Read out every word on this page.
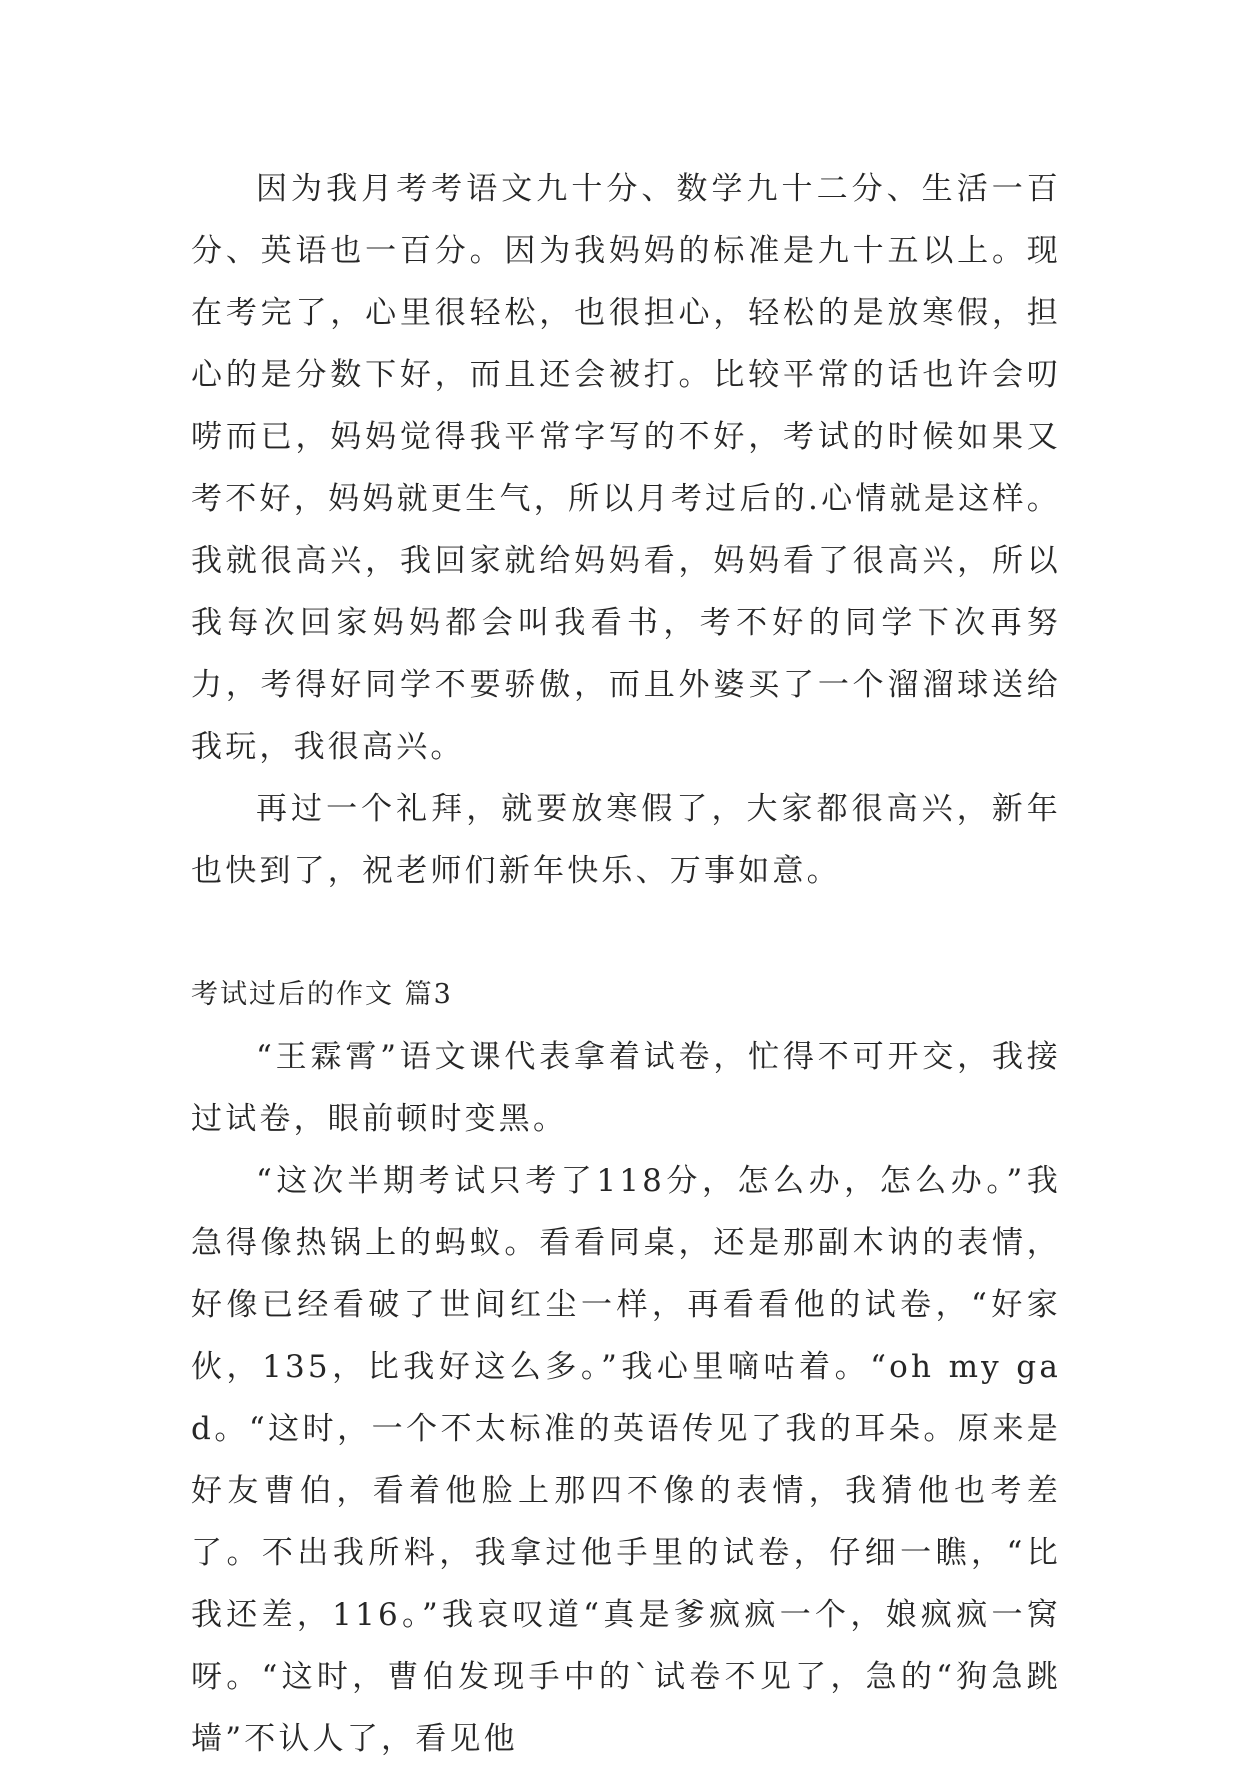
因为我月考考语文九十分、数学九十二分、生活一百分、英语也一百分。因为我妈妈的标准是九十五以上。现在考完了，心里很轻松，也很担心，轻松的是放寒假，担心的是分数下好，而且还会被打。比较平常的话也许会叨唠而已，妈妈觉得我平常字写的不好，考试的时候如果又考不好，妈妈就更生气，所以月考过后的.心情就是这样。我就很高兴，我回家就给妈妈看，妈妈看了很高兴，所以我每次回家妈妈都会叫我看书，考不好的同学下次再努力，考得好同学不要骄傲，而且外婆买了一个溜溜球送给我玩，我很高兴。

再过一个礼拜，就要放寒假了，大家都很高兴，新年也快到了，祝老师们新年快乐、万事如意。

考试过后的作文 篇3

“王霖霄”语文课代表拿着试卷，忙得不可开交，我接过试卷，眼前顿时变黑。

“这次半期考试只考了118分，怎么办，怎么办。”我急得像热锅上的蚂蚁。看看同桌，还是那副木讷的表情，好像已经看破了世间红尘一样，再看看他的试卷，“好家伙，135，比我好这么多。”我心里嘀咕着。“oh my gad。“这时，一个不太标准的英语传见了我的耳朵。原来是好友曹伯，看着他脸上那四不像的表情，我猜他也考差了。不出我所料，我拿过他手里的试卷，仔细一瞧，“比我还差，116。”我哀叹道“真是爹疯疯一个，娘疯疯一窝呀。“这时，曹伯发现手中的`试卷不见了，急的“狗急跳墙”不认人了，看见他
